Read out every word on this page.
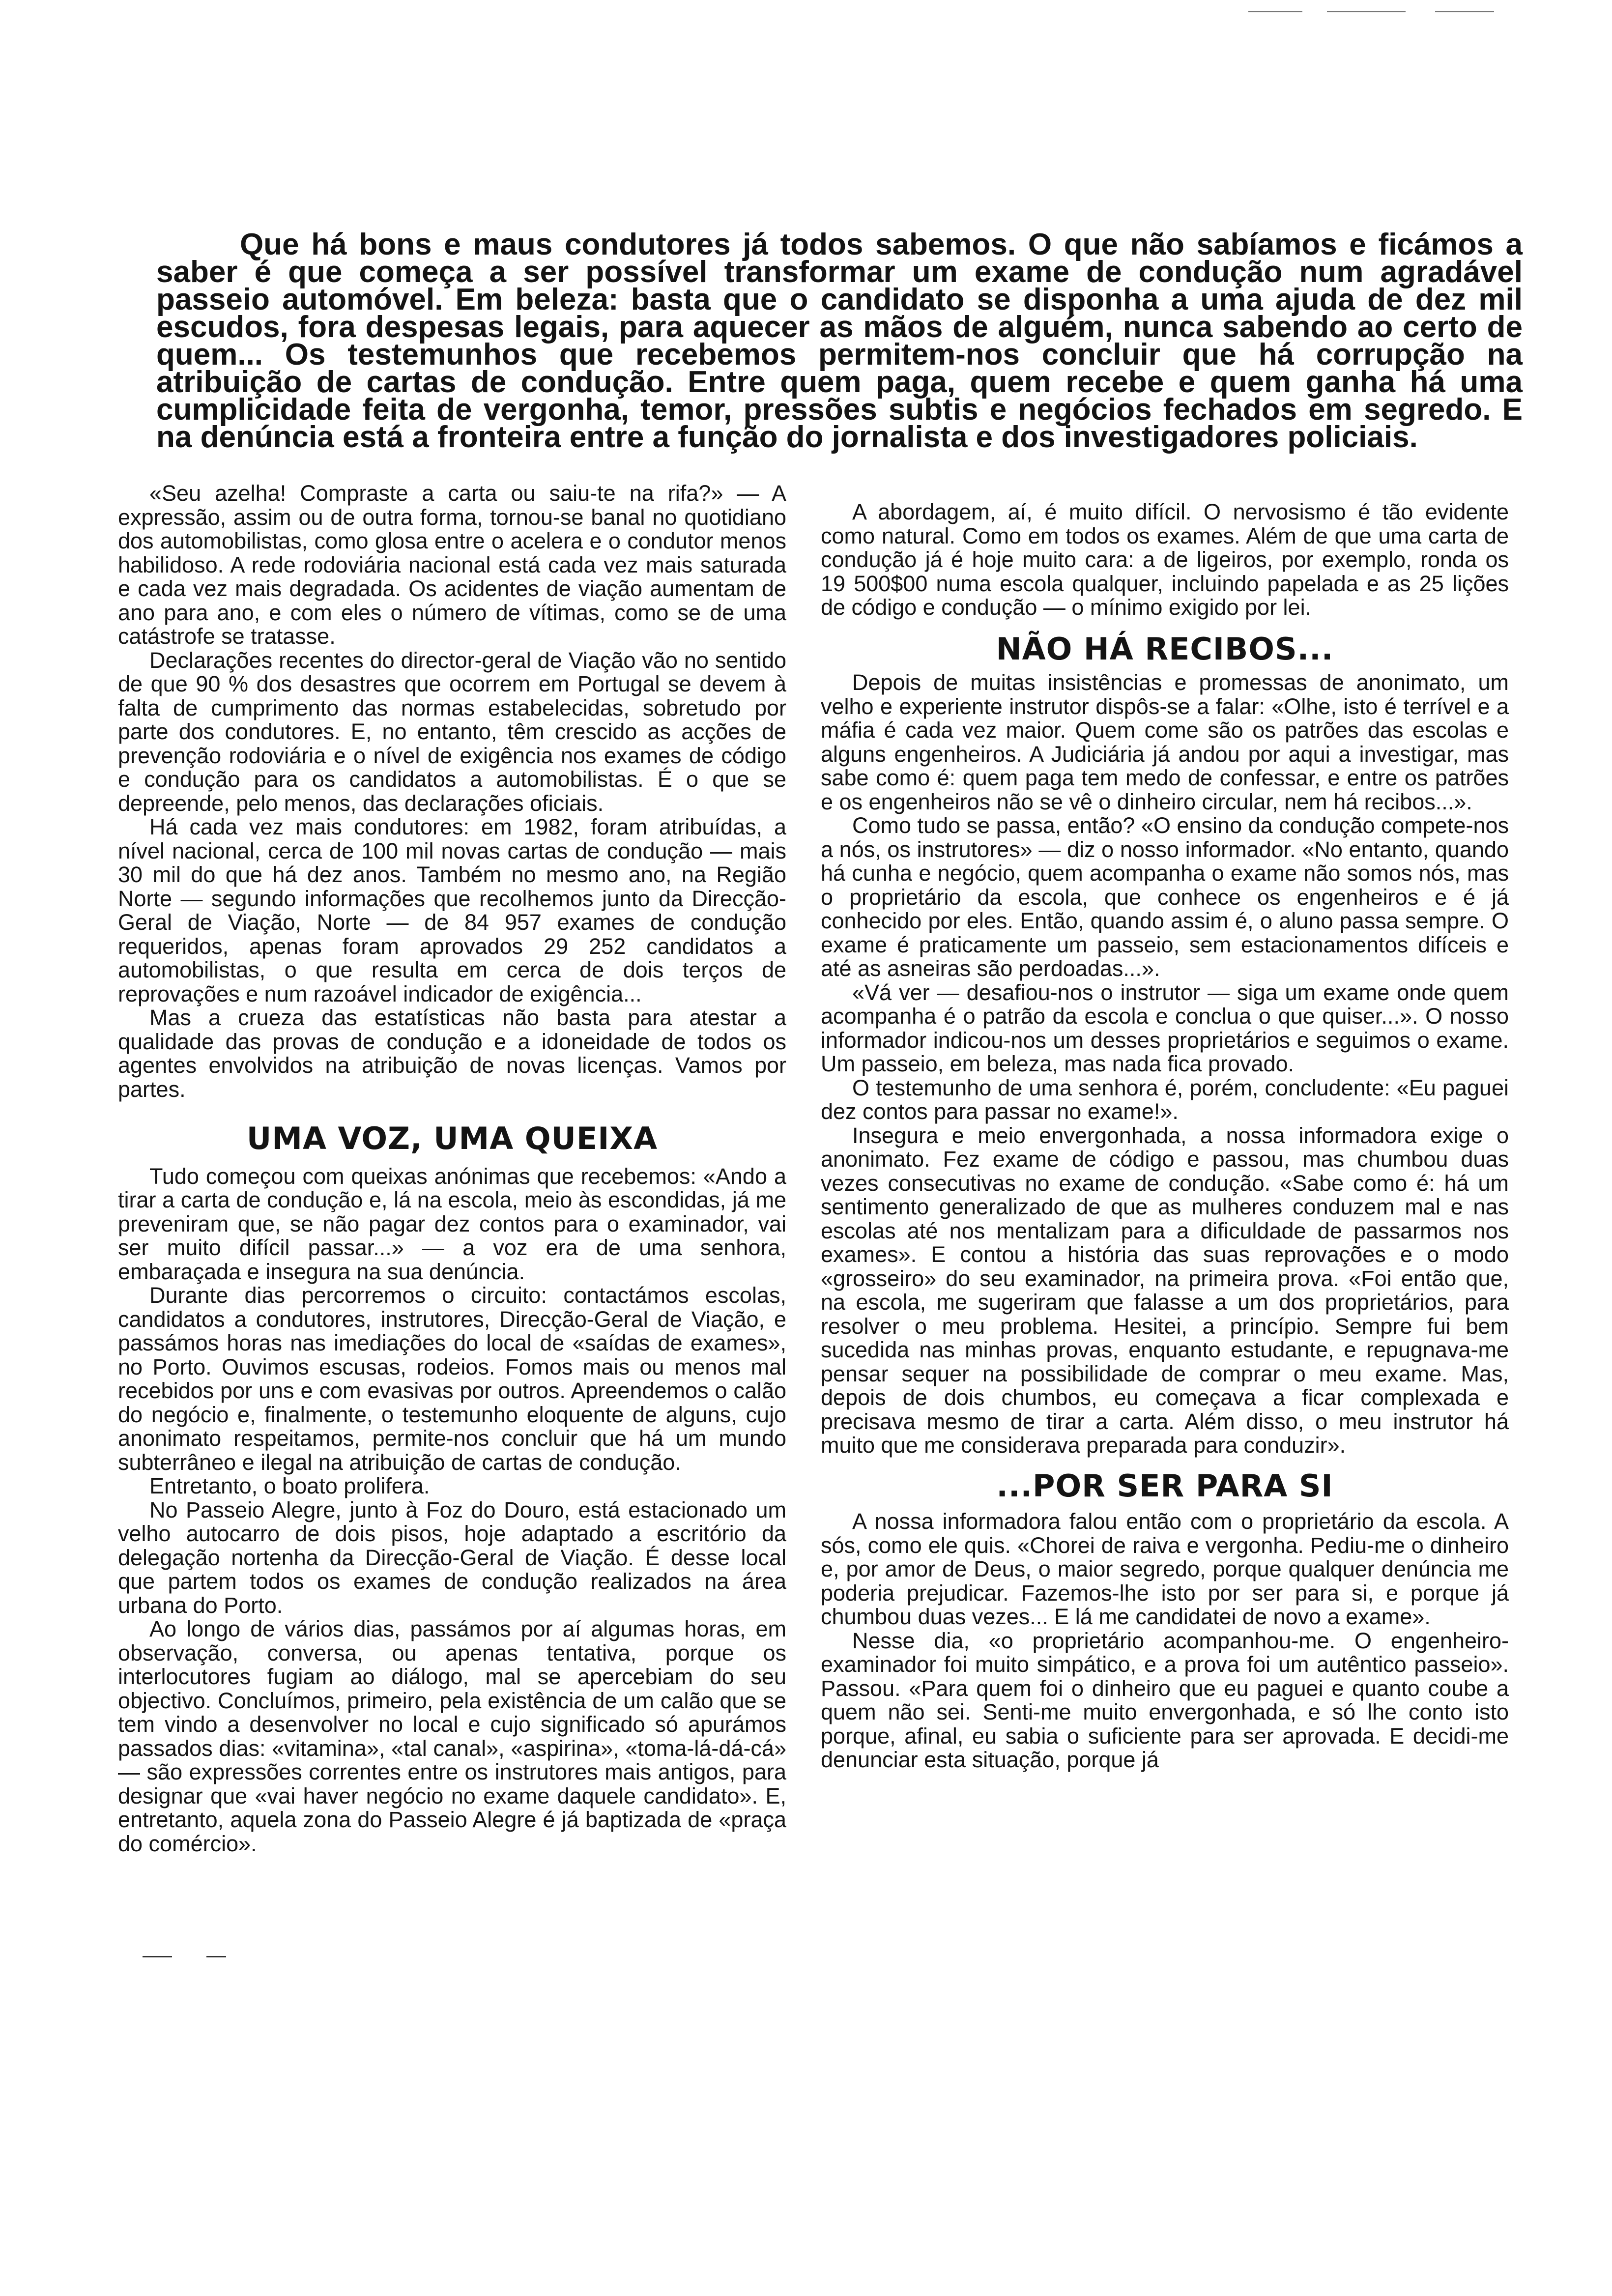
Que há bons e maus condutores já todos sabemos. O que não sabíamos e ficámos a saber é que começa a ser possível transformar um exame de condução num agradável passeio automóvel. Em beleza: basta que o candidato se disponha a uma ajuda de dez mil escudos, fora despesas legais, para aquecer as mãos de alguém, nunca sabendo ao certo de quem... Os testemunhos que recebemos permitem-nos concluir que há corrupção na atribuição de cartas de condução. Entre quem paga, quem recebe e quem ganha há uma cumplicidade feita de vergonha, temor, pressões subtis e negócios fechados em segredo. E na denúncia está a fronteira entre a função do jornalista e dos investigadores policiais.

«Seu azelha! Compraste a carta ou saiu-te na rifa?» — A expressão, assim ou de outra forma, tornou-se banal no quotidiano dos automobilistas, como glosa entre o acelera e o condutor menos habilidoso. A rede rodoviária nacional está cada vez mais saturada e cada vez mais degradada. Os acidentes de viação aumentam de ano para ano, e com eles o número de vítimas, como se de uma catástrofe se tratasse.

Declarações recentes do director-geral de Viação vão no sentido de que 90 % dos desastres que ocorrem em Portugal se devem à falta de cumprimento das normas estabelecidas, sobretudo por parte dos condutores. E, no entanto, têm crescido as acções de prevenção rodoviária e o nível de exigência nos exames de código e condução para os candidatos a automobilistas. É o que se depreende, pelo menos, das declarações oficiais.

Há cada vez mais condutores: em 1982, foram atribuídas, a nível nacional, cerca de 100 mil novas cartas de condução — mais 30 mil do que há dez anos. Também no mesmo ano, na Região Norte — segundo informações que recolhemos junto da Direcção-Geral de Viação, Norte — de 84 957 exames de condução requeridos, apenas foram aprovados 29 252 candidatos a automobilistas, o que resulta em cerca de dois terços de reprovações e num razoável indicador de exigência...

Mas a crueza das estatísticas não basta para atestar a qualidade das provas de condução e a idoneidade de todos os agentes envolvidos na atribuição de novas licenças. Vamos por partes.

UMA VOZ, UMA QUEIXA

Tudo começou com queixas anónimas que recebemos: «Ando a tirar a carta de condução e, lá na escola, meio às escondidas, já me preveniram que, se não pagar dez contos para o examinador, vai ser muito difícil passar...» — a voz era de uma senhora, embaraçada e insegura na sua denúncia.

Durante dias percorremos o circuito: contactámos escolas, candidatos a condutores, instrutores, Direcção-Geral de Viação, e passámos horas nas imediações do local de «saídas de exames», no Porto. Ouvimos escusas, rodeios. Fomos mais ou menos mal recebidos por uns e com evasivas por outros. Apreendemos o calão do negócio e, finalmente, o testemunho eloquente de alguns, cujo anonimato respeitamos, permite-nos concluir que há um mundo subterrâneo e ilegal na atribuição de cartas de condução.

Entretanto, o boato prolifera.

No Passeio Alegre, junto à Foz do Douro, está estacionado um velho autocarro de dois pisos, hoje adaptado a escritório da delegação nortenha da Direcção-Geral de Viação. É desse local que partem todos os exames de condução realizados na área urbana do Porto.

Ao longo de vários dias, passámos por aí algumas horas, em observação, conversa, ou apenas tentativa, porque os interlocutores fugiam ao diálogo, mal se apercebiam do seu objectivo. Concluímos, primeiro, pela existência de um calão que se tem vindo a desenvolver no local e cujo significado só apurámos passados dias: «vitamina», «tal canal», «aspirina», «toma-lá-dá-cá» — são expressões correntes entre os instrutores mais antigos, para designar que «vai haver negócio no exame daquele candidato». E, entretanto, aquela zona do Passeio Alegre é já baptizada de «praça do comércio».

A abordagem, aí, é muito difícil. O nervosismo é tão evidente como natural. Como em todos os exames. Além de que uma carta de condução já é hoje muito cara: a de ligeiros, por exemplo, ronda os 19 500$00 numa escola qualquer, incluindo papelada e as 25 lições de código e condução — o mínimo exigido por lei.

NÃO HÁ RECIBOS...

Depois de muitas insistências e promessas de anonimato, um velho e experiente instrutor dispôs-se a falar: «Olhe, isto é terrível e a máfia é cada vez maior. Quem come são os patrões das escolas e alguns engenheiros. A Judiciária já andou por aqui a investigar, mas sabe como é: quem paga tem medo de confessar, e entre os patrões e os engenheiros não se vê o dinheiro circular, nem há recibos...».

Como tudo se passa, então? «O ensino da condução compete-nos a nós, os instrutores» — diz o nosso informador. «No entanto, quando há cunha e negócio, quem acompanha o exame não somos nós, mas o proprietário da escola, que conhece os engenheiros e é já conhecido por eles. Então, quando assim é, o aluno passa sempre. O exame é praticamente um passeio, sem estacionamentos difíceis e até as asneiras são perdoadas...».

«Vá ver — desafiou-nos o instrutor — siga um exame onde quem acompanha é o patrão da escola e conclua o que quiser...». O nosso informador indicou-nos um desses proprietários e seguimos o exame. Um passeio, em beleza, mas nada fica provado.

O testemunho de uma senhora é, porém, concludente: «Eu paguei dez contos para passar no exame!».

Insegura e meio envergonhada, a nossa informadora exige o anonimato. Fez exame de código e passou, mas chumbou duas vezes consecutivas no exame de condução. «Sabe como é: há um sentimento generalizado de que as mulheres conduzem mal e nas escolas até nos mentalizam para a dificuldade de passarmos nos exames». E contou a história das suas reprovações e o modo «grosseiro» do seu examinador, na primeira prova. «Foi então que, na escola, me sugeriram que falasse a um dos proprietários, para resolver o meu problema. Hesitei, a princípio. Sempre fui bem sucedida nas minhas provas, enquanto estudante, e repugnava-me pensar sequer na possibilidade de comprar o meu exame. Mas, depois de dois chumbos, eu começava a ficar complexada e precisava mesmo de tirar a carta. Além disso, o meu instrutor há muito que me considerava preparada para conduzir».

...POR SER PARA SI

A nossa informadora falou então com o proprietário da escola. A sós, como ele quis. «Chorei de raiva e vergonha. Pediu-me o dinheiro e, por amor de Deus, o maior segredo, porque qualquer denúncia me poderia prejudicar. Fazemos-lhe isto por ser para si, e porque já chumbou duas vezes... E lá me candidatei de novo a exame».

Nesse dia, «o proprietário acompanhou-me. O engenheiro-examinador foi muito simpático, e a prova foi um autêntico passeio». Passou. «Para quem foi o dinheiro que eu paguei e quanto coube a quem não sei. Senti-me muito envergonhada, e só lhe conto isto porque, afinal, eu sabia o suficiente para ser aprovada. E decidi-me denunciar esta situação, porque já
